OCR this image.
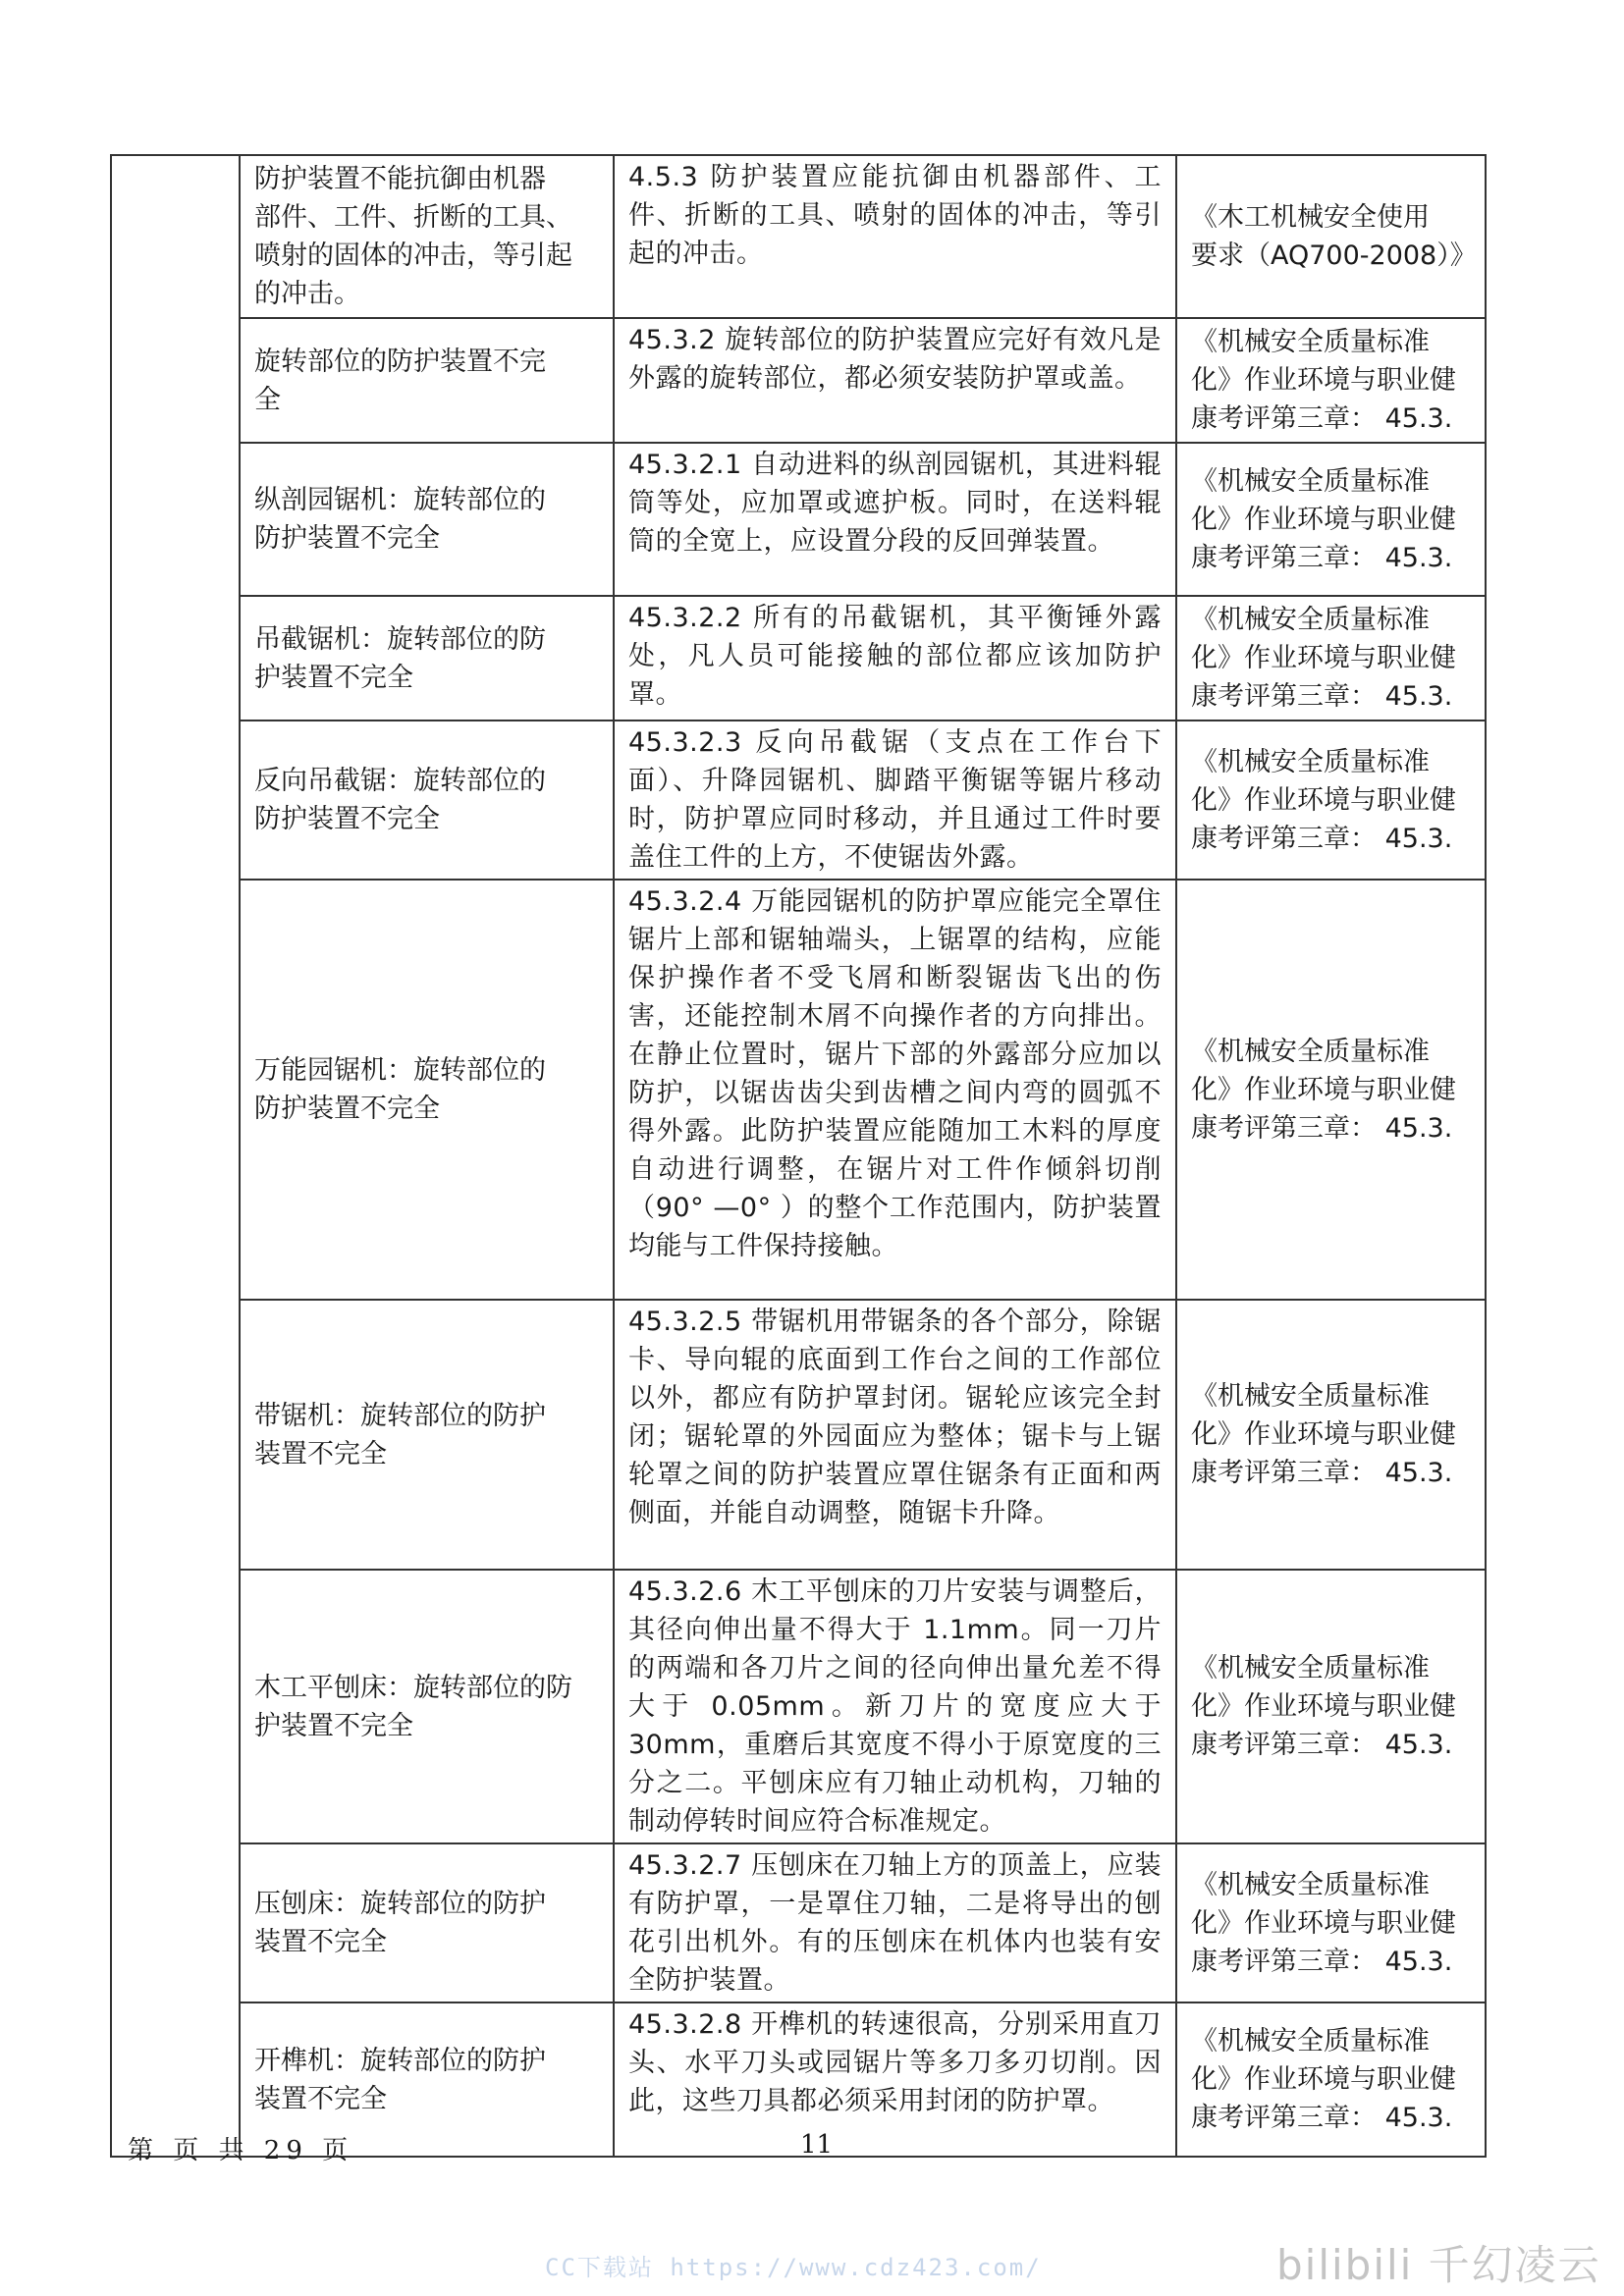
	防护装置不能抗御由机器
部件、工件、折断的工具、
喷射的固体的冲击，等引起
的冲击。	4.5.3 防护装置应能抗御由机器部件、工件、折断的工具、喷射的固体的冲击，等引起的冲击。	《木工机械安全使用
要求（AQ700-2008）》

	旋转部位的防护装置不完
全	45.3.2 旋转部位的防护装置应完好有效凡是外露的旋转部位，都必须安装防护罩或盖。	《机械安全质量标准
化》作业环境与职业健
康考评第三章： 45.3.

	纵剖园锯机：旋转部位的
防护装置不完全	45.3.2.1 自动进料的纵剖园锯机，其进料辊筒等处，应加罩或遮护板。同时，在送料辊筒的全宽上，应设置分段的反回弹装置。	《机械安全质量标准
化》作业环境与职业健
康考评第三章： 45.3.

	吊截锯机：旋转部位的防
护装置不完全	45.3.2.2 所有的吊截锯机，其平衡锤外露处，凡人员可能接触的部位都应该加防护罩。	《机械安全质量标准
化》作业环境与职业健
康考评第三章： 45.3.

	反向吊截锯：旋转部位的
防护装置不完全	45.3.2.3 反向吊截锯（支点在工作台下面）、升降园锯机、脚踏平衡锯等锯片移动时，防护罩应同时移动，并且通过工件时要盖住工件的上方，不使锯齿外露。	《机械安全质量标准
化》作业环境与职业健
康考评第三章： 45.3.

	万能园锯机：旋转部位的
防护装置不完全	45.3.2.4 万能园锯机的防护罩应能完全罩住锯片上部和锯轴端头，上锯罩的结构，应能保护操作者不受飞屑和断裂锯齿飞出的伤害，还能控制木屑不向操作者的方向排出。在静止位置时，锯片下部的外露部分应加以防护，以锯齿齿尖到齿槽之间内弯的圆弧不得外露。此防护装置应能随加工木料的厚度自动进行调整，在锯片对工件作倾斜切削（90° —0° ）的整个工作范围内，防护装置均能与工件保持接触。	《机械安全质量标准
化》作业环境与职业健
康考评第三章： 45.3.

	带锯机：旋转部位的防护
装置不完全	45.3.2.5 带锯机用带锯条的各个部分，除锯卡、导向辊的底面到工作台之间的工作部位以外，都应有防护罩封闭。锯轮应该完全封闭；锯轮罩的外园面应为整体；锯卡与上锯轮罩之间的防护装置应罩住锯条有正面和两侧面，并能自动调整，随锯卡升降。	《机械安全质量标准
化》作业环境与职业健
康考评第三章： 45.3.

	木工平刨床：旋转部位的防
护装置不完全	45.3.2.6 木工平刨床的刀片安装与调整后，其径向伸出量不得大于 1.1mm。同一刀片的两端和各刀片之间的径向伸出量允差不得大于 0.05mm。新刀片的宽度应大于 30mm，重磨后其宽度不得小于原宽度的三分之二。平刨床应有刀轴止动机构，刀轴的制动停转时间应符合标准规定。	《机械安全质量标准
化》作业环境与职业健
康考评第三章： 45.3.

	压刨床：旋转部位的防护
装置不完全	45.3.2.7 压刨床在刀轴上方的顶盖上，应装有防护罩，一是罩住刀轴，二是将导出的刨花引出机外。有的压刨床在机体内也装有安全防护装置。	《机械安全质量标准
化》作业环境与职业健
康考评第三章： 45.3.

	开榫机：旋转部位的防护
装置不完全	45.3.2.8 开榫机的转速很高，分别采用直刀头、水平刀头或园锯片等多刀多刃切削。因此，这些刀具都必须采用封闭的防护罩。	《机械安全质量标准
化》作业环境与职业健
康考评第三章： 45.3.
第 页 共 29 页	11
CC下载站 https://www.cdz423.com/	bilibili 千幻凌云
